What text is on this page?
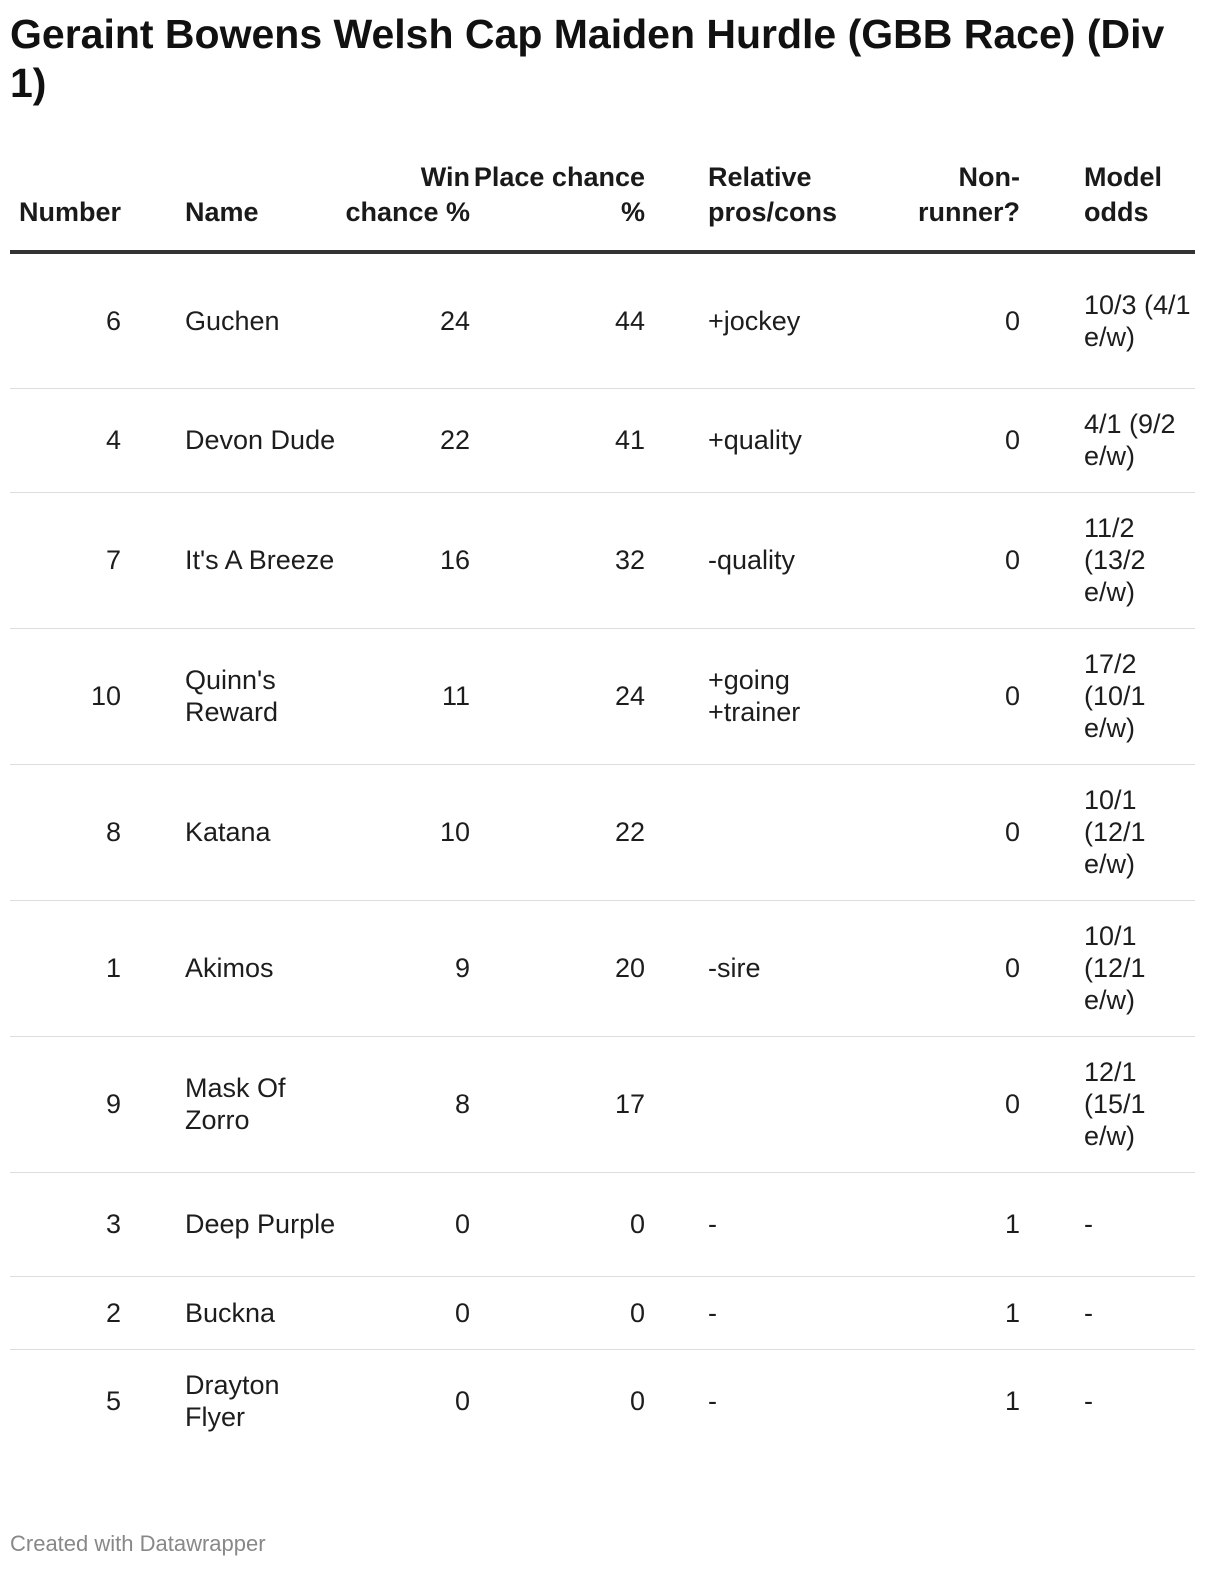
Geraint Bowens Welsh Cap Maiden Hurdle (GBB Race) (Div 1)
Number		Name	Win chance %	Place chance %		Relative pros/cons	Non-runner?		Model odds
6		Guchen	24	44		+jockey	0		10/3 (4/1 e/w)
4		Devon Dude	22	41		+quality	0		4/1 (9/2 e/w)
7		It's A Breeze	16	32		-quality	0		11/2 (13/2 e/w)
10		Quinn's Reward	11	24		+going +trainer	0		17/2 (10/1 e/w)
8		Katana	10	22			0		10/1 (12/1 e/w)
1		Akimos	9	20		-sire	0		10/1 (12/1 e/w)
9		Mask Of Zorro	8	17			0		12/1 (15/1 e/w)
3		Deep Purple	0	0		-	1		-
2		Buckna	0	0		-	1		-
5		Drayton Flyer	0	0		-	1		-
Created with Datawrapper
